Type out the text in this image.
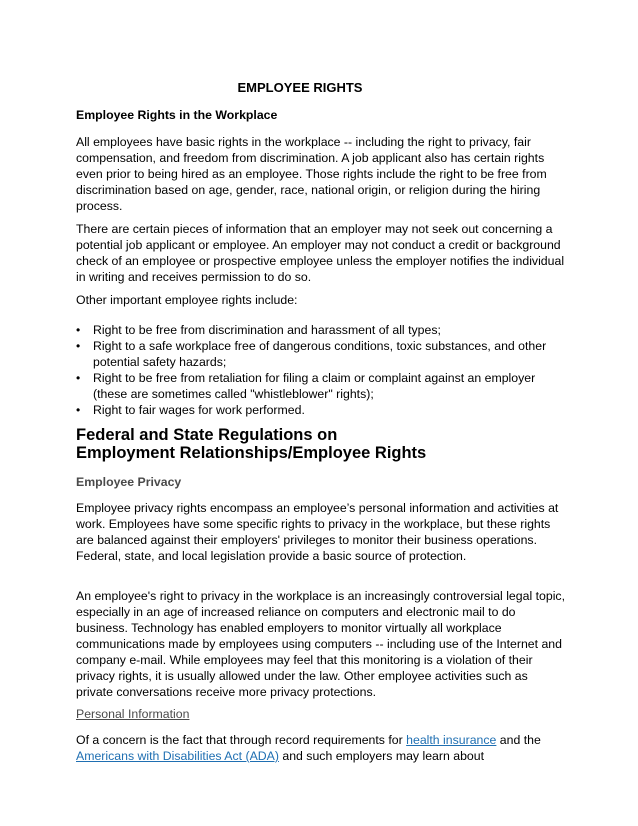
EMPLOYEE RIGHTS

Employee Rights in the Workplace

All employees have basic rights in the workplace -- including the right to privacy, fair compensation, and freedom from discrimination. A job applicant also has certain rights even prior to being hired as an employee. Those rights include the right to be free from discrimination based on age, gender, race, national origin, or religion during the hiring process.

There are certain pieces of information that an employer may not seek out concerning a potential job applicant or employee. An employer may not conduct a credit or background check of an employee or prospective employee unless the employer notifies the individual in writing and receives permission to do so.

Other important employee rights include:

•	Right to be free from discrimination and harassment of all types;
•	Right to a safe workplace free of dangerous conditions, toxic substances, and other potential safety hazards;
•	Right to be free from retaliation for filing a claim or complaint against an employer (these are sometimes called "whistleblower" rights);
•	Right to fair wages for work performed.
Federal and State Regulations on Employment Relationships/Employee Rights

Employee Privacy

Employee privacy rights encompass an employee’s personal information and activities at work. Employees have some specific rights to privacy in the workplace, but these rights are balanced against their employers' privileges to monitor their business operations. Federal, state, and local legislation provide a basic source of protection.

An employee's right to privacy in the workplace is an increasingly controversial legal topic, especially in an age of increased reliance on computers and electronic mail to do business. Technology has enabled employers to monitor virtually all workplace communications made by employees using computers -- including use of the Internet and company e-mail. While employees may feel that this monitoring is a violation of their privacy rights, it is usually allowed under the law. Other employee activities such as private conversations receive more privacy protections.

Personal Information

Of a concern is the fact that through record requirements for health insurance and the Americans with Disabilities Act (ADA) and such employers may learn about
